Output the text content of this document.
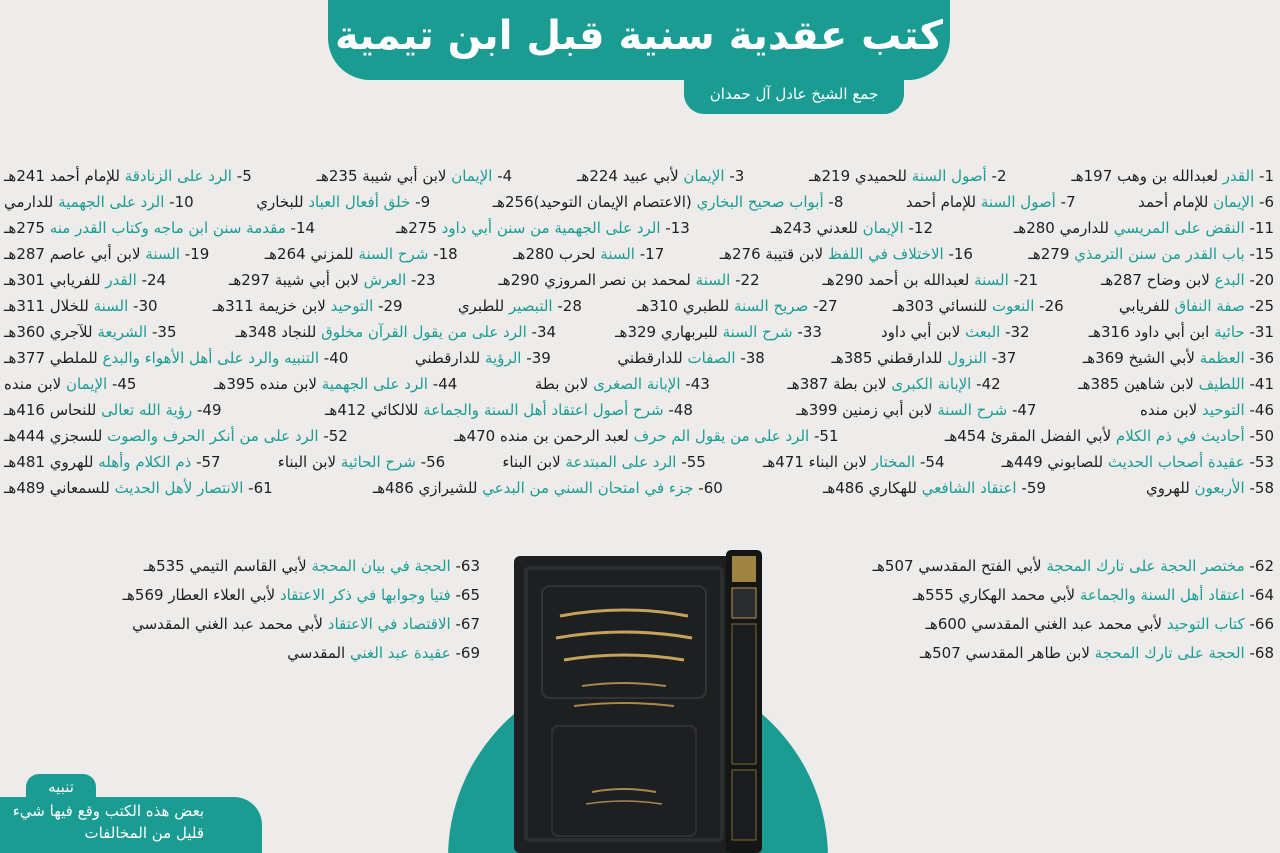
كتب عقدية سنية قبل ابن تيمية
جمع الشيخ عادل آل حمدان
1- القدر لعبدالله بن وهب 197هـ
2- أصول السنة للحميدي 219هـ
3- الإيمان لأبي عبيد 224هـ
4- الإيمان لابن أبي شيبة 235هـ
5- الرد على الزنادقة للإمام أحمد 241هـ
6- الإيمان للإمام أحمد
7- أصول السنة للإمام أحمد
8- أبواب صحيح البخاري (الاعتصام الإيمان التوحيد)256هـ
9- خلق أفعال العباد للبخاري
10- الرد على الجهمية للدارمي
11- النقض على المريسي للدارمي 280هـ
12- الإيمان للعدني 243هـ
13- الرد على الجهمية من سنن أبي داود 275هـ
14- مقدمة سنن ابن ماجه وكتاب القدر منه 275هـ
15- باب القدر من سنن الترمذي 279هـ
16- الاختلاف في اللفظ لابن قتيبة 276هـ
17- السنة لحرب 280هـ
18- شرح السنة للمزني 264هـ
19- السنة لابن أبي عاصم 287هـ
20- البدع لابن وضاح 287هـ
21- السنة لعبدالله بن أحمد 290هـ
22- السنة لمحمد بن نصر المروزي 290هـ
23- العرش لابن أبي شيبة 297هـ
24- القدر للفريابي 301هـ
25- صفة النفاق للفريابي
26- النعوت للنسائي 303هـ
27- صريح السنة للطبري 310هـ
28- التبصير للطبري
29- التوحيد لابن خزيمة 311هـ
30- السنة للخلال 311هـ
31- حائية ابن أبي داود 316هـ
32- البعث لابن أبي داود
33- شرح السنة للبربهاري 329هـ
34- الرد على من يقول القرآن مخلوق للنجاد 348هـ
35- الشريعة للآجري 360هـ
36- العظمة لأبي الشيخ 369هـ
37- النزول للدارقطني 385هـ
38- الصفات للدارقطني
39- الرؤية للدارقطني
40- التنبيه والرد على أهل الأهواء والبدع للملطي 377هـ
41- اللطيف لابن شاهين 385هـ
42- الإبانة الكبرى لابن بطة 387هـ
43- الإبانة الصغرى لابن بطة
44- الرد على الجهمية لابن منده 395هـ
45- الإيمان لابن منده
46- التوحيد لابن منده
47- شرح السنة لابن أبي زمنين 399هـ
48- شرح أصول اعتقاد أهل السنة والجماعة للالكائي 412هـ
49- رؤية الله تعالى للنحاس 416هـ
50- أحاديث في ذم الكلام لأبي الفضل المقرئ 454هـ
51- الرد على من يقول الم حرف لعبد الرحمن بن منده 470هـ
52- الرد على من أنكر الحرف والصوت للسجزي 444هـ
53- عقيدة أصحاب الحديث للصابوني 449هـ
54- المختار لابن البناء 471هـ
55- الرد على المبتدعة لابن البناء
56- شرح الحائية لابن البناء
57- ذم الكلام وأهله للهروي 481هـ
58- الأربعون للهروي
59- اعتقاد الشافعي للهكاري 486هـ
60- جزء في امتحان السني من البدعي للشيرازي 486هـ
61- الانتصار لأهل الحديث للسمعاني 489هـ
62- مختصر الحجة على تارك المحجة لأبي الفتح المقدسي 507هـ
63- الحجة في بيان المحجة لأبي القاسم التيمي 535هـ
64- اعتقاد أهل السنة والجماعة لأبي محمد الهكاري 555هـ
65- فتيا وجوابها في ذكر الاعتقاد لأبي العلاء العطار 569هـ
66- كتاب التوحيد لأبي محمد عبد الغني المقدسي 600هـ
67- الاقتصاد في الاعتقاد لأبي محمد عبد الغني المقدسي
68- الحجة على تارك المحجة لابن طاهر المقدسي 507هـ
69- عقيدة عبد الغني المقدسي
تنبيه
بعض هذه الكتب وقع فيها شيء قليل من المخالفات
